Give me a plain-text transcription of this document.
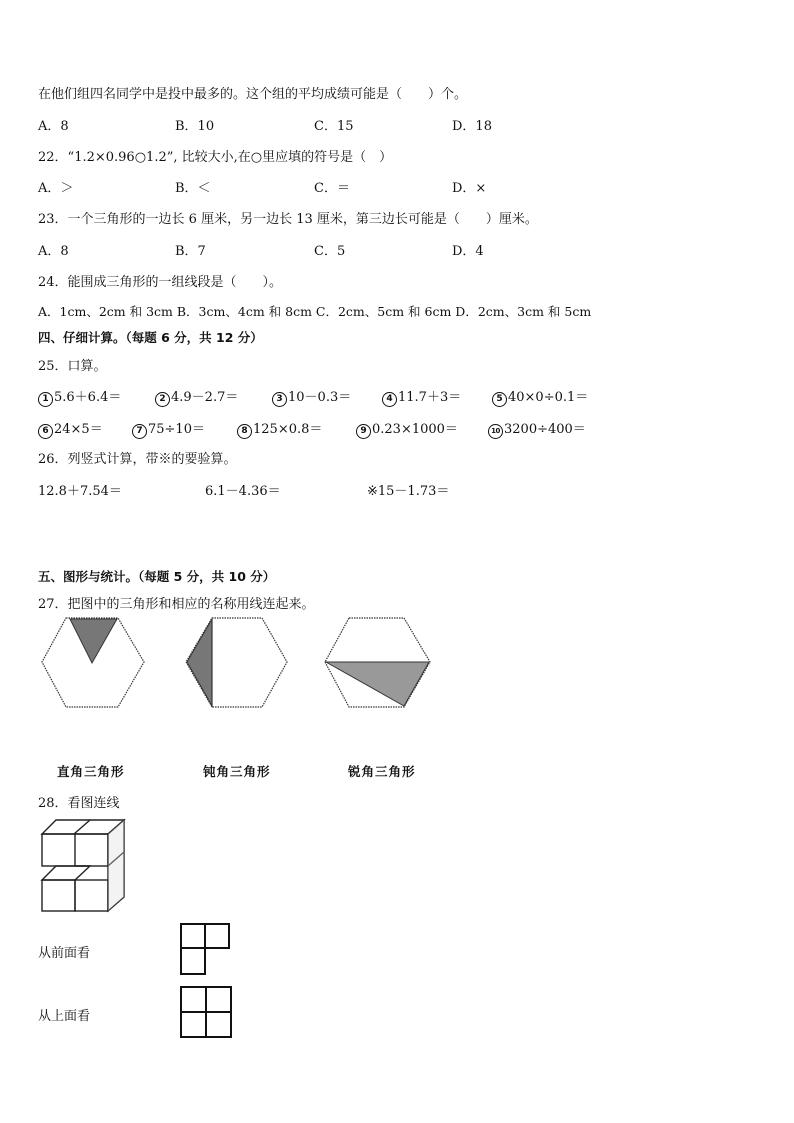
在他们组四名同学中是投中最多的。这个组的平均成绩可能是（　　）个。
A．8	B．10	C．15	D．18
22．“1.2×0.96○1.2”, 比较大小,在○里应填的符号是（　）
A．＞	B．＜	C．＝	D．×
23．一个三角形的一边长 6 厘米，另一边长 13 厘米，第三边长可能是（　　）厘米。
A．8	B．7	C．5	D．4
24．能围成三角形的一组线段是（　　）。
A．1cm、2cm 和 3cm B．3cm、4cm 和 8cm C．2cm、5cm 和 6cm D．2cm、3cm 和 5cm
四、仔细计算。（每题 6 分，共 12 分）
25．口算。
1 5.6＋6.4＝	2 4.9－2.7＝	3 10－0.3＝	4 11.7＋3＝	5 40×0÷0.1＝
6 24×5＝	7 75÷10＝	8 125×0.8＝	9 0.23×1000＝	10 3200÷400＝
26．列竖式计算，带※的要验算。
12.8＋7.54＝	6.1－4.36＝	※15－1.73＝
五、图形与统计。（每题 5 分，共 10 分）
27．把图中的三角形和相应的名称用线连起来。
直角三角形	钝角三角形	锐角三角形
28．看图连线
从前面看
从上面看
